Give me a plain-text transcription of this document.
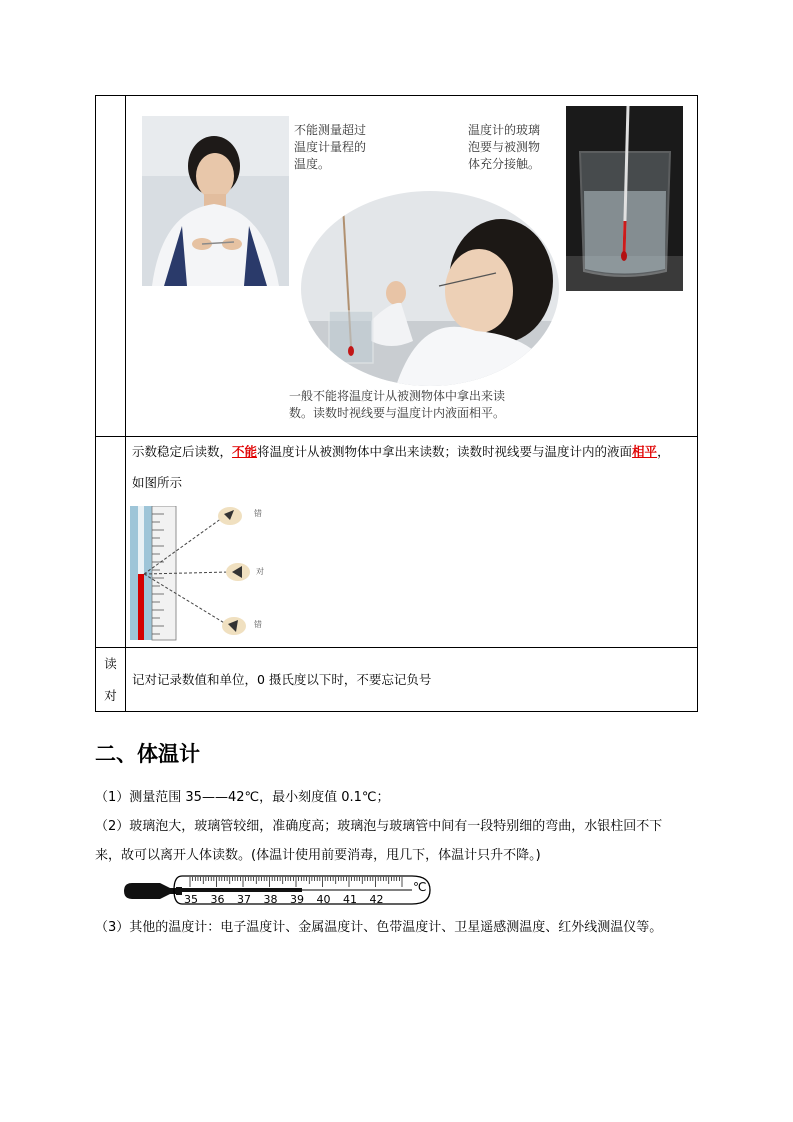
不能测量超过
温度计量程的
温度。
温度计的玻璃
泡要与被测物
体充分接触。
一般不能将温度计从被测物体中拿出来读
数。读数时视线要与温度计内液面相平。
示数稳定后读数，不能将温度计从被测物体中拿出来读数；读数时视线要与温度计内的液面相平，
如图所示
错
对
错
读
对
记对记录数值和单位，0 摄氏度以下时，不要忘记负号
二、体温计
（1）测量范围 35——42℃，最小刻度值 0.1℃；
（2）玻璃泡大，玻璃管较细，准确度高；玻璃泡与玻璃管中间有一段特别细的弯曲，水银柱回不下
来，故可以离开人体读数。(体温计使用前要消毒，甩几下，体温计只升不降。)
℃
35 36 37 38 39 40 41 42
（3）其他的温度计：电子温度计、金属温度计、色带温度计、卫星遥感测温度、红外线测温仪等。
